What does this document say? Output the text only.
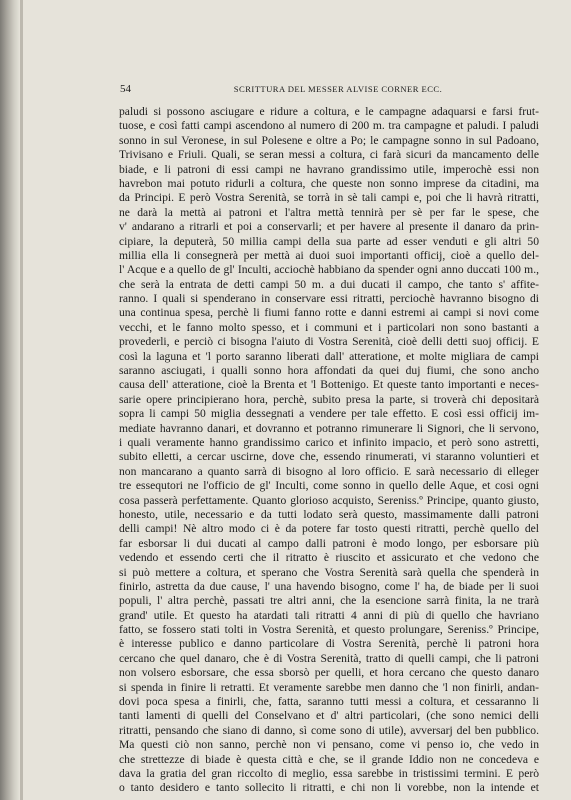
54	SCRITTURA DEL MESSER ALVISE CORNER ECC.
paludi si possono asciugare e ridure a coltura, e le campagne adaquarsi e farsi frut-
tuose, e così fatti campi ascendono al numero di 200 m. tra campagne et paludi. I paludi
sonno in sul Veronese, in sul Polesene e oltre a Po; le campagne sonno in sul Padoano,
Trivisano e Friuli. Quali, se seran messi a coltura, ci farà sicuri da mancamento delle
biade, e li patroni di essi campi ne havrano grandissimo utile, imperochè essi non
havrebon mai potuto ridurli a coltura, che queste non sonno imprese da citadini, ma
da Principi. E però Vostra Serenità, se torrà in sè tali campi e, poi che li havrà ritratti,
ne darà la mettà ai patroni et l'altra mettà tennirà per sè per far le spese, che
v' andarano a ritrarli et poi a conservarli; et per havere al presente il danaro da prin-
cipiare, la deputerà, 50 millia campi della sua parte ad esser venduti e gli altri 50
millia ella li consegnerà per mettà ai duoi suoi importanti officij, cioè a quello del-
l' Acque e a quello de gl' Inculti, acciochè habbiano da spender ogni anno duccati 100 m.,
che serà la entrata de detti campi 50 m. a dui ducati il campo, che tanto s' affite-
ranno. I quali si spenderano in conservare essi ritratti, perciochè havranno bisogno di
una continua spesa, perchè li fiumi fanno rotte e danni estremi ai campi si novi come
vecchi, et le fanno molto spesso, et i communi et i particolari non sono bastanti a
provederli, e perciò ci bisogna l'aiuto di Vostra Serenità, cioè delli detti suoj officij. E
così la laguna et 'l porto saranno liberati dall' atteratione, et molte migliara de campi
saranno asciugati, i qualli sonno hora affondati da quei duj fiumi, che sono ancho
causa dell' atteratione, cioè la Brenta et 'l Bottenigo. Et queste tanto importanti e neces-
sarie opere principierano hora, perchè, subito presa la parte, si troverà chi depositarà
sopra li campi 50 miglia dessegnati a vendere per tale effetto. E così essi officij im-
mediate havranno danari, et dovranno et potranno rimunerare li Signori, che li servono,
i quali veramente hanno grandissimo carico et infinito impacio, et però sono astretti,
subito elletti, a cercar uscirne, dove che, essendo rinumerati, vi staranno voluntieri et
non mancarano a quanto sarrà di bisogno al loro officio. E sarà necessario di elleger
tre essequtori ne l'officio de gl' Inculti, come sonno in quello delle Aque, et cosi ogni
cosa passerà perfettamente. Quanto glorioso acquisto, Sereniss.º Principe, quanto giusto,
honesto, utile, necessario e da tutti lodato serà questo, massimamente dalli patroni
delli campi! Nè altro modo ci è da potere far tosto questi ritratti, perchè quello del
far esborsar li dui ducati al campo dalli patroni è modo longo, per esborsare più
vedendo et essendo certi che il ritratto è riuscito et assicurato et che vedono che
si può mettere a coltura, et sperano che Vostra Serenità sarà quella che spenderà in
finirlo, astretta da due cause, l' una havendo bisogno, come l' ha, de biade per li suoi
populi, l' altra perchè, passati tre altri anni, che la esencione sarrà finita, la ne trarà
grand' utile. Et questo ha atardati tali ritratti 4 anni di più di quello che havriano
fatto, se fossero stati tolti in Vostra Serenità, et questo prolungare, Sereniss.º Principe,
è interesse publico e danno particolare di Vostra Serenità, perchè li patroni hora
cercano che quel danaro, che è di Vostra Serenità, tratto di quelli campi, che li patroni
non volsero esborsare, che essa sborsò per quelli, et hora cercano che questo danaro
si spenda in finire li retratti. Et veramente sarebbe men danno che 'l non finirli, andan-
dovi poca spesa a finirli, che, fatta, saranno tutti messi a coltura, et cessaranno li
tanti lamenti di quelli del Conselvano et d' altri particolari, (che sono nemici delli
ritratti, pensando che siano di danno, sì come sono di utile), avversarj del ben pubblico.
Ma questi ciò non sanno, perchè non vi pensano, come vi penso io, che vedo in
che strettezze di biade è questa città e che, se il grande Iddio non ne concedeva e
dava la gratia del gran riccolto di meglio, essa sarebbe in tristissimi termini. E però
o tanto desidero e tanto sollecito li ritratti, e chi non li vorebbe, non la intende et
